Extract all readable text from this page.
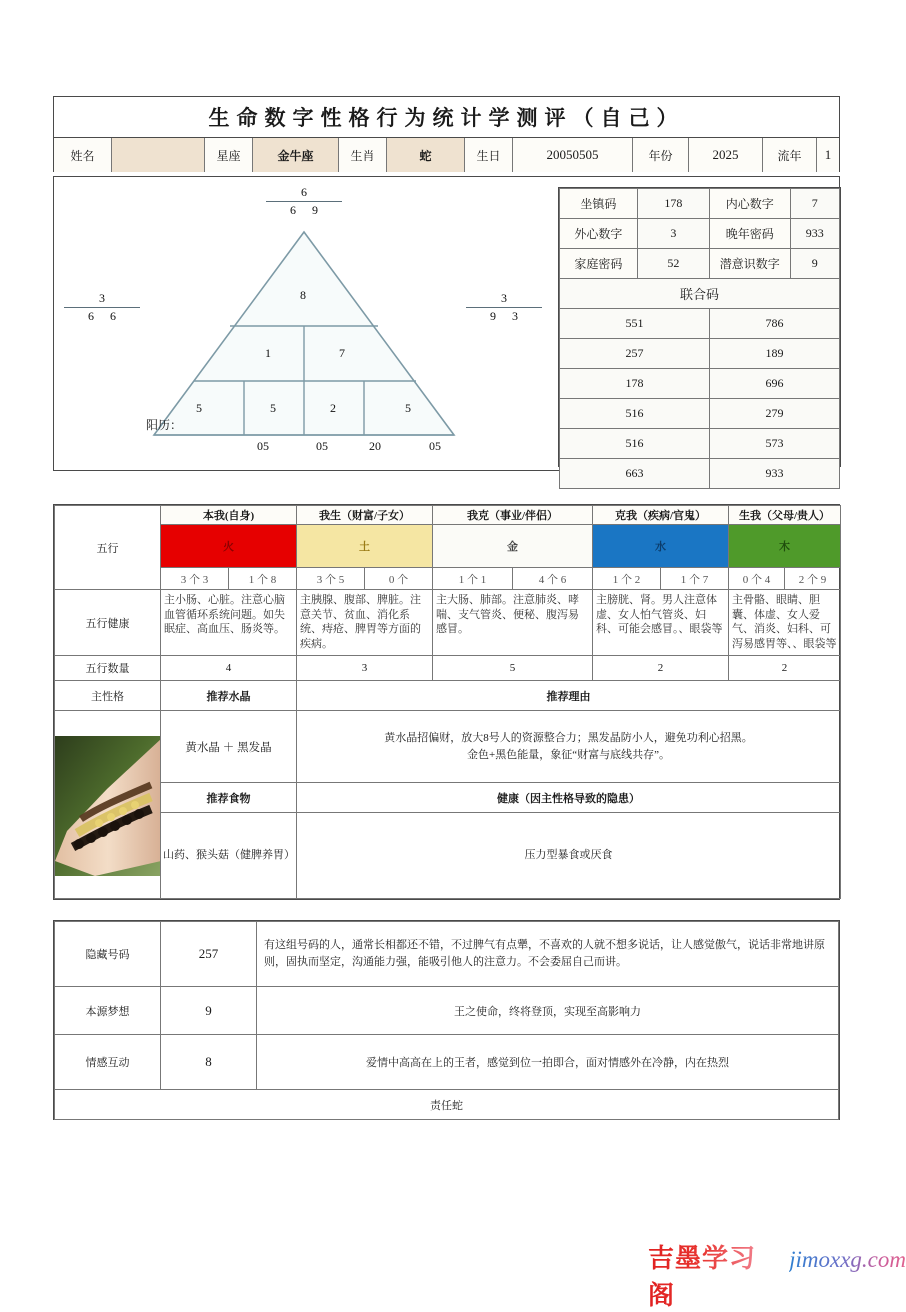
生命数字性格行为统计学测评（自己）
姓名	星座	金牛座	生肖	蛇	生日	20050505	年份	2025	流年	1
$\frac{6}{6 9}$
$\frac{3}{6 6}$	$\frac{3}{9 3}$
8
1	7
5	5	2	5
阳历：
05	05	20	05
坐镇码	178	内心数字	7
外心数字	3	晚年密码	933
家庭密码	52	潜意识数字	9
联合码			
551		786	
257		189	
178		696	
516		279	
516		573	
663		933	
五行	本我(自身)		我生（财富/子女）		我克（事业/伴侣）		克我（疾病/官鬼）		生我（父母/贵人）	
	火		土		金		水		木	
	3 个 3	1 个 8	3 个 5	0 个	1 个 1	4 个 6	1 个 2	1 个 7	0 个 4	2 个 9
五行健康	主小肠、心脏。注意心脑血管循环系统问题。如失眠症、高血压、肠炎等。		主胰腺、腹部、脾脏。注意关节、贫血、消化系统、痔疮、脾胃等方面的疾病。		主大肠、肺部。注意肺炎、哮喘、支气管炎、便秘、腹泻易感冒。		主膀胱、肾。男人注意体虚、女人怕气管炎、妇科、可能会感冒。、眼袋等		主骨骼、眼睛、胆囊、体虚、女人爱气、消炎、妇科、可泻易感胃等、、眼袋等	
五行数量	4		3		5		2		2	
主性格	推荐水晶		推荐理由							

	黄水晶 ＋ 黑发晶		黄水晶招偏财，放大8号人的资源整合力；黑发晶防小人，避免功利心招黑。
金色+黑色能量，象征“财富与底线共存”。							

	推荐食物		健康（因主性格导致的隐患）							
	山药、猴头菇（健脾养胃）		压力型暴食或厌食							
隐藏号码	257	有这组号码的人，通常长相都还不错，不过脾气有点犟，不喜欢的人就不想多说话，让人感觉傲气，说话非常地讲原则，固执而坚定，沟通能力强，能吸引他人的注意力。不会委屈自己而讲。
本源梦想	9	王之使命，终将登顶，实现至高影响力
情感互动	8	爱情中高高在上的王者，感觉到位一拍即合，面对情感外在冷静，内在热烈
责任蛇		
吉墨学习阁
jimoxxg.com
